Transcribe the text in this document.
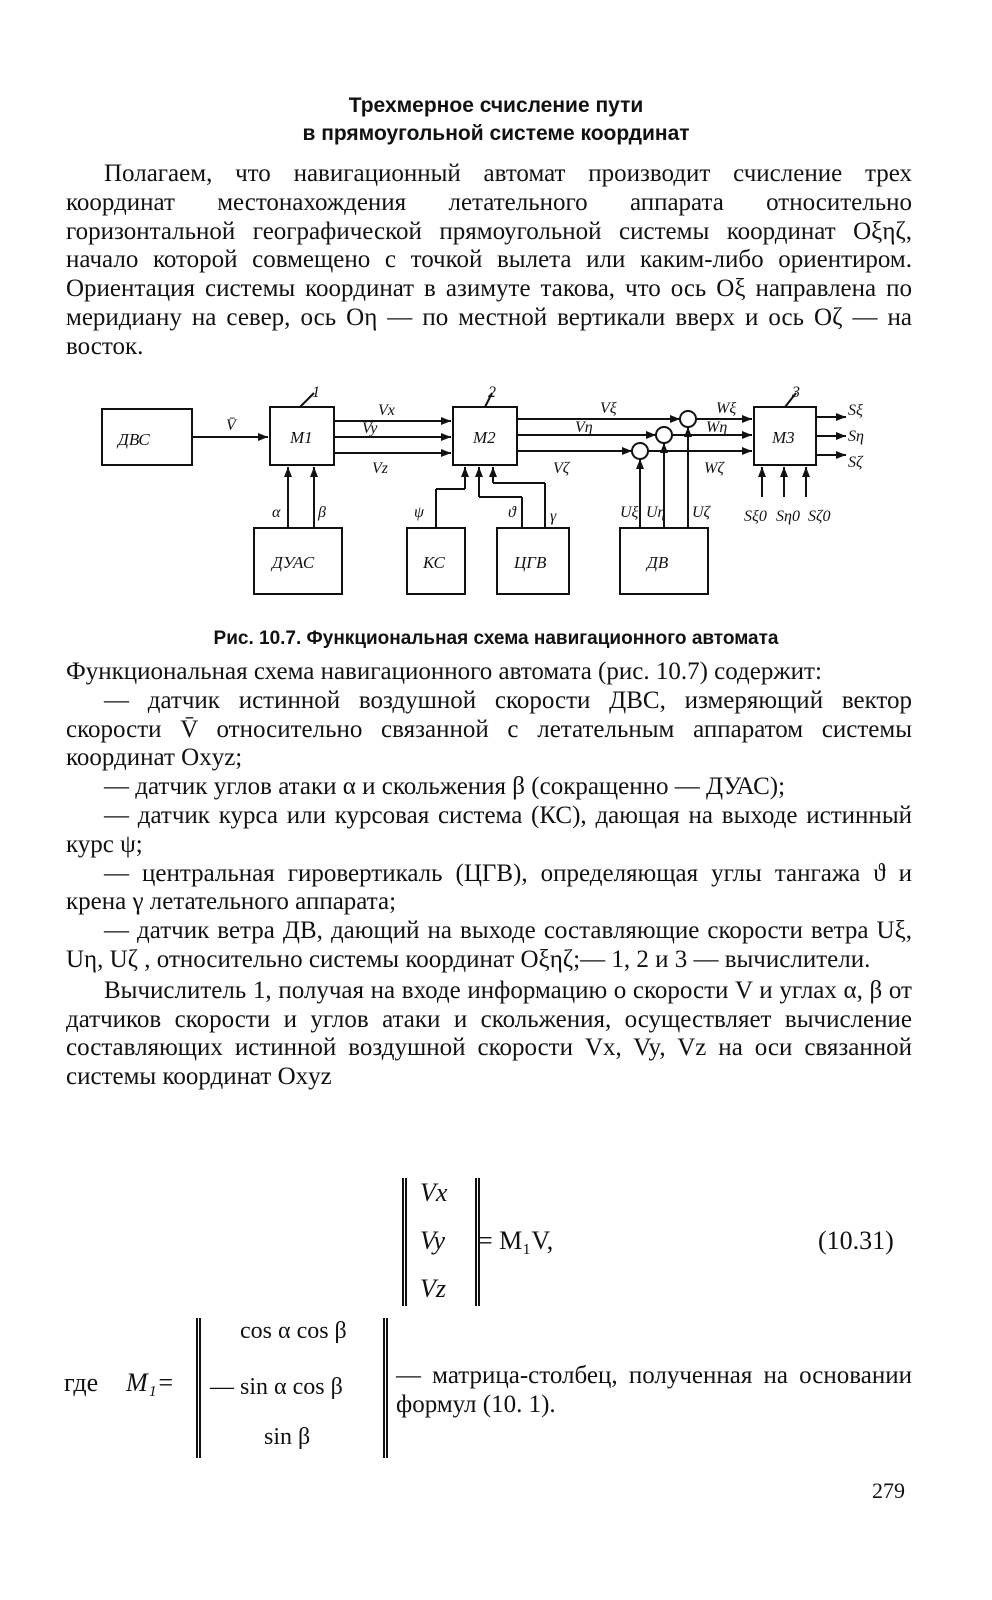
Трехмерное счисление пути
в прямоугольной системе координат

Полагаем, что навигационный автомат производит счисление трех координат местонахождения летательного аппарата относительно горизонтальной географической прямоугольной системы координат Oξηζ, начало которой совмещено с точкой вылета или каким-либо ориентиром. Ориентация системы координат в азимуте такова, что ось Oξ направлена по меридиану на север, ось Oη — по местной вертикали вверх и ось Oζ — на восток.

ДВС	M1	M2	M3
ДУАС	КС	ЦГВ	ДВ
1	2	3
V̄
Vx
Vy
Vz
Vξ
Vη
Vζ
Wξ
Wη
Wζ
α β	ψ	ϑ γ	Uξ Uη Uζ
Sξ
Sη
Sζ
Sξ0 Sη0 Sζ0
Рис. 10.7. Функциональная схема навигационного автомата

Функциональная схема навигационного автомата (рис. 10.7) содержит:

— датчик истинной воздушной скорости ДВС, измеряющий вектор скорости V̄ относительно связанной с летательным аппаратом системы координат Oxyz;

— датчик углов атаки α и скольжения β (сокращенно — ДУАС);

— датчик курса или курсовая система (КС), дающая на выходе истинный курс ψ;

— центральная гировертикаль (ЦГВ), определяющая углы тангажа ϑ и крена γ летательного аппарата;

— датчик ветра ДВ, дающий на выходе составляющие скорости ветра Uξ, Uη, Uζ , относительно системы координат Oξηζ;— 1, 2 и 3 — вычислители.

Вычислитель 1, получая на входе информацию о скорости V и углах α, β от датчиков скорости и углов атаки и скольжения, осуществляет вычисление составляющих истинной воздушной скорости Vx, Vy, Vz на оси связанной системы координат Oxyz

Vx
Vy
Vz
= M₁V,	(10.31)
где M₁=
cos α cos β
— sin α cos β
sin β
— матрица-столбец, полученная на основании формул (10. 1).
279
